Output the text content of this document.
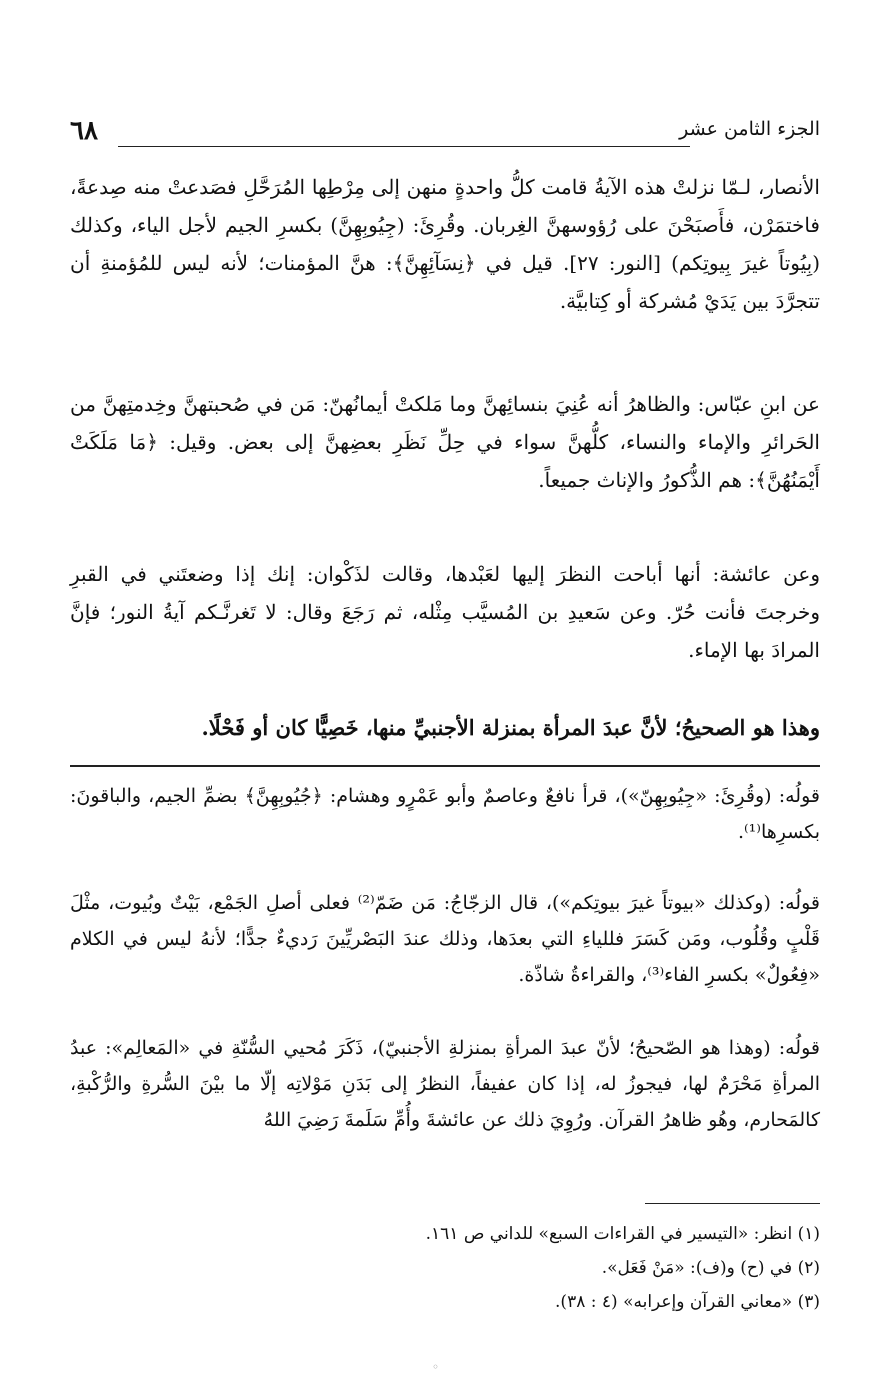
٦٨	الجزء الثامن عشر

الأنصار، لـمّا نزلتْ هذه الآيةُ قامت كلُّ واحدةٍ منهن إلى مِرْطِها المُرَحَّلِ فصَدعتْ منه صِدعةً، فاختمَرْن، فأَصبَحْنَ على رُؤوسهنَّ الغِربان. وقُرِئَ: (جِيُوبِهِنَّ) بكسرِ الجيم لأجل الياء، وكذلك (بِيُوتاً غيرَ بِيوتِكم) [النور: ٢٧]. قيل في ﴿نِسَآئِهِنَّ﴾: هنَّ المؤمنات؛ لأنه ليس للمُؤمنةِ أن تتجرَّدَ بين يَدَيْ مُشركة أو كِتابيَّة.

عن ابنِ عبّاس: والظاهرُ أنه عُنِيَ بنسائِهنَّ وما مَلكتْ أيمانُهنّ: مَن في صُحبتهنَّ وخِدمتِهنَّ من الحَرائرِ والإماء والنساء، كلُّهنَّ سواء في حِلِّ نَظَرِ بعضِهنَّ إلى بعض. وقيل: ﴿مَا مَلَكَتْ أَيْمَنُهُنَّ﴾: هم الذُّكورُ والإناث جميعاً.

وعن عائشة: أنها أباحت النظرَ إليها لعَبْدها، وقالت لذَكْوان: إنك إذا وضعتَني في القبرِ وخرجتَ فأنت حُرّ. وعن سَعيدِ بن المُسيَّب مِثْله، ثم رَجَعَ وقال: لا تَغرنَّـكم آيةُ النور؛ فإنَّ المرادَ بها الإماء.

وهذا هو الصحيحُ؛ لأنَّ عبدَ المرأة بمنزلة الأجنبيِّ منها، خَصِيًّا كان أو فَحْلًا.
قولُه: (وقُرِئَ: «جِيُوبِهِنّ»)، قرأ نافعٌ وعاصمٌ وأبو عَمْرٍو وهشام: ﴿جُيُوبِهِنَّ﴾ بضمِّ الجيم، والباقونَ: بكسرِها⁽¹⁾.
قولُه: (وكذلك «بيوتاً غيرَ بيوتِكم»)، قال الزجّاجُ: مَن ضَمّ⁽²⁾ فعلى أصلِ الجَمْع، بَيْتٌ وبُيوت، مثْلَ قَلْبٍ وقُلُوب، ومَن كَسَرَ فللياءِ التي بعدَها، وذلك عندَ البَصْريِّينَ رَديءٌ جدًّا؛ لأنهُ ليس في الكلام «فِعُولٌ» بكسرِ الفاء⁽³⁾، والقراءةُ شاذّة.
قولُه: (وهذا هو الصّحيحُ؛ لأنّ عبدَ المرأةِ بمنزلةِ الأجنبيّ)، ذَكَرَ مُحيي السُّنّةِ في «المَعالِم»: عبدُ المرأةِ مَحْرَمٌ لها، فيجوزُ له، إذا كان عفيفاً، النظرُ إلى بَدَنِ مَوْلاتِه إلّا ما بيْنَ السُّرةِ والرُّكْبةِ، كالمَحارم، وهُو ظاهرُ القرآن. ورُوِيَ ذلك عن عائشةَ وأُمِّ سَلَمةَ رَضِيَ اللهُ
(١) انظر: «التيسير في القراءات السبع» للداني ص ١٦١.
(٢) في (ح) و(ف): «مَنْ فَعَل».
(٣) «معاني القرآن وإعرابه» (٤ : ٣٨).
◦
